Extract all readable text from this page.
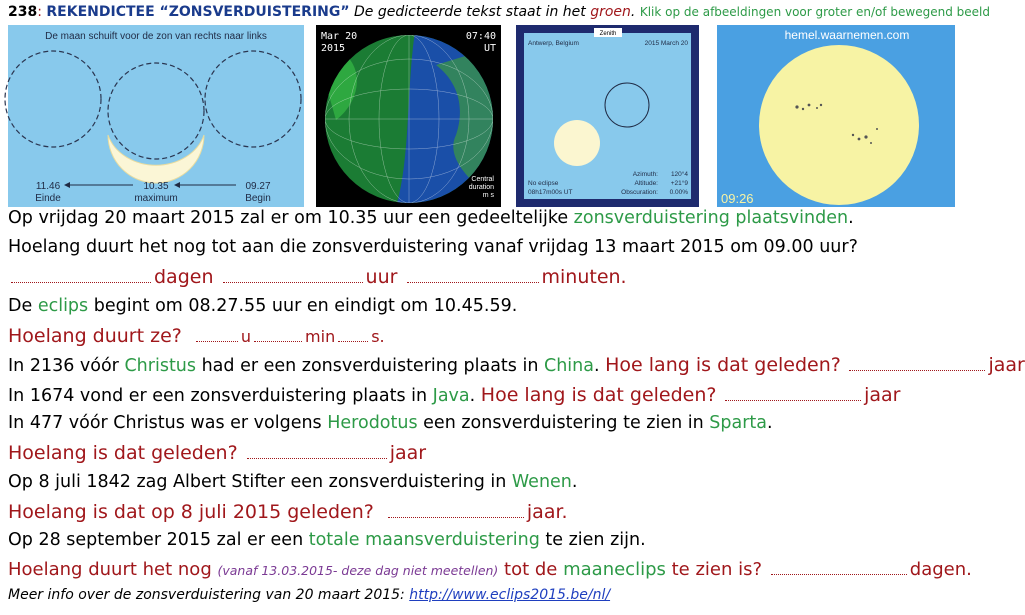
238: REKENDICTEE “ZONSVERDUISTERING” De gedicteerde tekst staat in het groen. Klik op de afbeeldingen voor groter en/of bewegend beeld
De maan schuift voor de zon van rechts naar links
11.46
Einde
10.35
maximum
09.27
Begin
Mar 20
2015
07:40
UT
Central
duration
m s
Zenith
Antwerp, Belgium	2015 March 20
No eclipse
08h17m00s UT
Azimuth: 120°4
Altitude: +21°9
Obscuration: 0.00%
hemel.waarnemen.com
09:26
Op vrijdag 20 maart 2015 zal er om 10.35 uur een gedeeltelijke zonsverduistering plaatsvinden.
Hoelang duurt het nog tot aan die zonsverduistering vanaf vrijdag 13 maart 2015 om 09.00 uur?
dagen	uur	minuten.
De eclips begint om 08.27.55 uur en eindigt om 10.45.59.
Hoelang duurt ze?	u	min s.
In 2136 vóór Christus had er een zonsverduistering plaats in China. Hoe lang is dat geleden?	jaar
In 1674 vond er een zonsverduistering plaats in Java. Hoe lang is dat geleden?	jaar
In 477 vóór Christus was er volgens Herodotus een zonsverduistering te zien in Sparta.
Hoelang is dat geleden?	jaar
Op 8 juli 1842 zag Albert Stifter een zonsverduistering in Wenen.
Hoelang is dat op 8 juli 2015 geleden?	jaar.
Op 28 september 2015 zal er een totale maansverduistering te zien zijn.
Hoelang duurt het nog (vanaf 13.03.2015- deze dag niet meetellen) tot de maaneclips te zien is?	dagen.
Meer info over de zonsverduistering van 20 maart 2015: http://www.eclips2015.be/nl/
